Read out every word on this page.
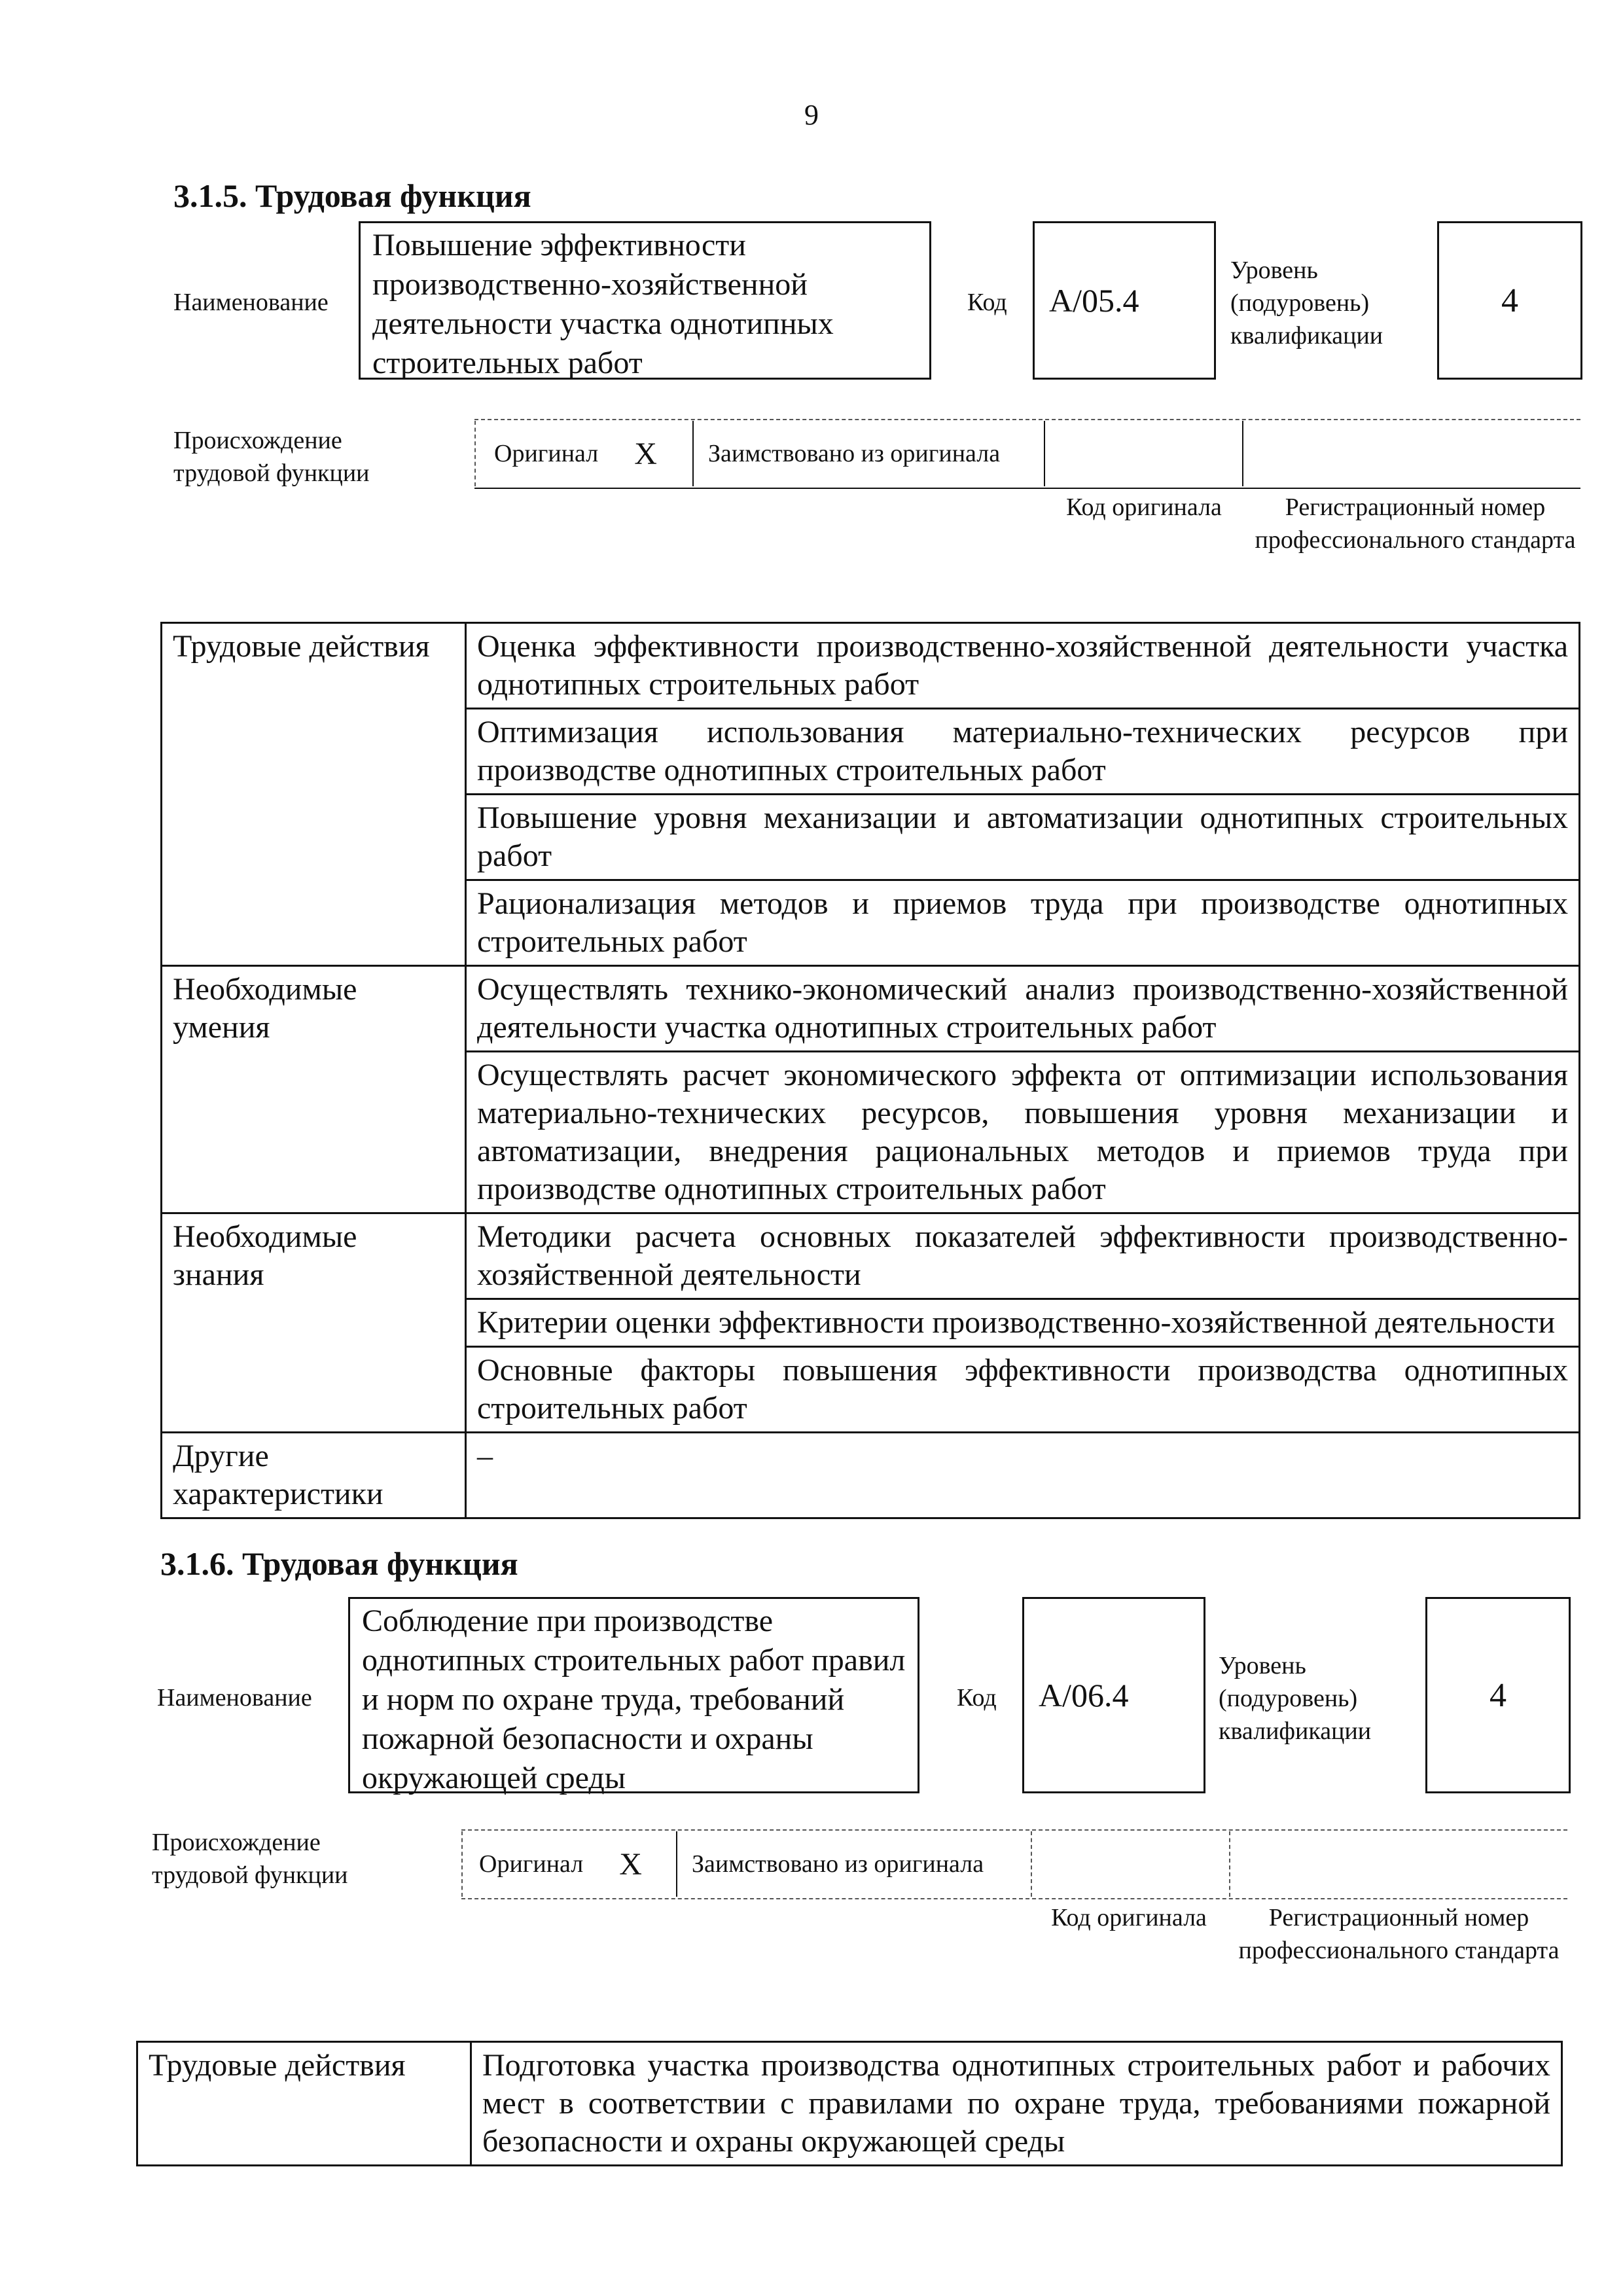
9
3.1.5. Трудовая функция
Наименование
Повышение эффективности производственно-хозяйственной деятельности участка однотипных строительных работ
Код	А/05.4
Уровень (подуровень) квалификации
4
Происхождение трудовой функции
Оригинал X	Заимствовано из оригинала
Код оригинала	Регистрационный номер профессионального стандарта
Трудовые действия	Оценка эффективности производственно-хозяйственной деятельности участка однотипных строительных работ
	Оптимизация использования материально-технических ресурсов при производстве однотипных строительных работ
	Повышение уровня механизации и автоматизации однотипных строительных работ
	Рационализация методов и приемов труда при производстве однотипных строительных работ
Необходимые умения	Осуществлять технико-экономический анализ производственно-хозяйственной деятельности участка однотипных строительных работ
	Осуществлять расчет экономического эффекта от оптимизации использования материально-технических ресурсов, повышения уровня механизации и автоматизации, внедрения рациональных методов и приемов труда при производстве однотипных строительных работ
Необходимые знания	Методики расчета основных показателей эффективности производственно-хозяйственной деятельности
	Критерии оценки эффективности производственно-хозяйственной деятельности
	Основные факторы повышения эффективности производства однотипных строительных работ
Другие характеристики	–
3.1.6. Трудовая функция
Наименование
Соблюдение при производстве однотипных строительных работ правил и норм по охране труда, требований пожарной безопасности и охраны окружающей среды
Код	А/06.4
Уровень (подуровень) квалификации
4
Происхождение трудовой функции	Оригинал X	Заимствовано из оригинала
Код оригинала	Регистрационный номер профессионального стандарта
Трудовые действия	Подготовка участка производства однотипных строительных работ и рабочих мест в соответствии с правилами по охране труда, требованиями пожарной безопасности и охраны окружающей среды
